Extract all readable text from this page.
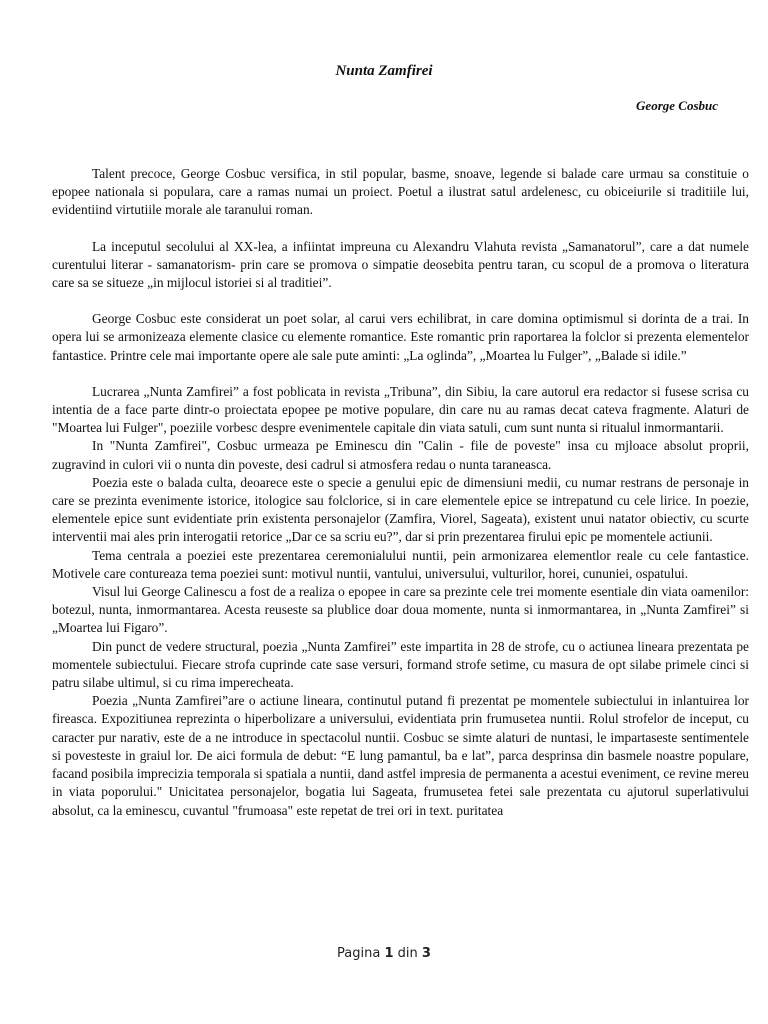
Nunta Zamfirei
George Cosbuc

Talent precoce, George Cosbuc versifica, in stil popular, basme, snoave, legende si balade care urmau sa constituie o epopee nationala si populara, care a ramas numai un proiect. Poetul a ilustrat satul ardelenesc, cu obiceiurile si traditiile lui, evidentiind virtutiile morale ale taranului roman.

La inceputul secolului al XX-lea, a infiintat impreuna cu Alexandru Vlahuta revista „Samanatorul”, care a dat numele curentului literar - samanatorism- prin care se promova o simpatie deosebita pentru taran, cu scopul de a promova o literatura care sa se situeze „in mijlocul istoriei si al traditiei”.

George Cosbuc este considerat un poet solar, al carui vers echilibrat, in care domina optimismul si dorinta de a trai. In opera lui se armonizeaza elemente clasice cu elemente romantice. Este romantic prin raportarea la folclor si prezenta elementelor fantastice. Printre cele mai importante opere ale sale pute aminti: „La oglinda”, „Moartea lu Fulger”, „Balade si idile.”

Lucrarea „Nunta Zamfirei” a fost poblicata in revista „Tribuna”, din Sibiu, la care autorul era redactor si fusese scrisa cu intentia de a face parte dintr-o proiectata epopee pe motive populare, din care nu au ramas decat cateva fragmente. Alaturi de "Moartea lui Fulger", poeziile vorbesc despre evenimentele capitale din viata satuli, cum sunt nunta si ritualul inmormantarii.

In "Nunta Zamfirei", Cosbuc urmeaza pe Eminescu din "Calin - file de poveste" insa cu mjloace absolut proprii, zugravind in culori vii o nunta din poveste, desi cadrul si atmosfera redau o nunta taraneasca.

Poezia este o balada culta, deoarece este o specie a genului epic de dimensiuni medii, cu numar restrans de personaje in care se prezinta evenimente istorice, itologice sau folclorice, si in care elementele epice se intrepatund cu cele lirice. In poezie, elementele epice sunt evidentiate prin existenta personajelor (Zamfira, Viorel, Sageata), existent unui natator obiectiv, cu scurte interventii mai ales prin interogatii retorice „Dar ce sa scriu eu?”, dar si prin prezentarea firului epic pe momentele actiunii.

Tema centrala a poeziei este prezentarea ceremonialului nuntii, pein armonizarea elementlor reale cu cele fantastice. Motivele care contureaza tema poeziei sunt: motivul nuntii, vantului, universului, vulturilor, horei, cununiei, ospatului.

Visul lui George Calinescu a fost de a realiza o epopee in care sa prezinte cele trei momente esentiale din viata oamenilor: botezul, nunta, inmormantarea. Acesta reuseste sa plublice doar doua momente, nunta si inmormantarea, in „Nunta Zamfirei” si „Moartea lui Figaro”.

Din punct de vedere structural, poezia „Nunta Zamfirei” este impartita in 28 de strofe, cu o actiunea lineara prezentata pe momentele subiectului. Fiecare strofa cuprinde cate sase versuri, formand strofe setime, cu masura de opt silabe primele cinci si patru silabe ultimul, si cu rima imperecheata.

Poezia „Nunta Zamfirei”are o actiune lineara, continutul putand fi prezentat pe momentele subiectului in inlantuirea lor fireasca. Expozitiunea reprezinta o hiperbolizare a universului, evidentiata prin frumusetea nuntii. Rolul strofelor de inceput, cu caracter pur narativ, este de a ne introduce in spectacolul nuntii. Cosbuc se simte alaturi de nuntasi, le impartaseste sentimentele si povesteste in graiul lor. De aici formula de debut: “E lung pamantul, ba e lat”, parca desprinsa din basmele noastre populare, facand posibila imprecizia temporala si spatiala a nuntii, dand astfel impresia de permanenta a acestui eveniment, ce revine mereu in viata poporului." Unicitatea personajelor, bogatia lui Sageata, frumusetea fetei sale prezentata cu ajutorul superlativului absolut, ca la eminescu, cuvantul "frumoasa" este repetat de trei ori in text. puritatea

Pagina 1 din 3
